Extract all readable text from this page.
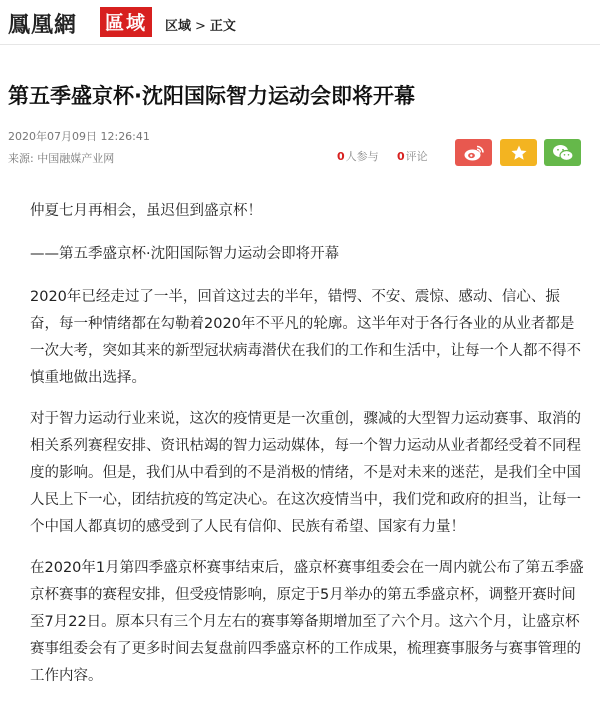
鳳凰網 區域	区域 > 正文
第五季盛京杯·沈阳国际智力运动会即将开幕
2020年07月09日 12:26:41
来源: 中国融媒产业网	0人参与 0评论

仲夏七月再相会，虽迟但到盛京杯！

——第五季盛京杯·沈阳国际智力运动会即将开幕

2020年已经走过了一半，回首这过去的半年，错愕、不安、震惊、感动、信心、振奋，每一种情绪都在勾勒着2020年不平凡的轮廓。这半年对于各行各业的从业者都是一次大考，突如其来的新型冠状病毒潜伏在我们的工作和生活中，让每一个人都不得不慎重地做出选择。

对于智力运动行业来说，这次的疫情更是一次重创，骤减的大型智力运动赛事、取消的相关系列赛程安排、资讯枯竭的智力运动媒体，每一个智力运动从业者都经受着不同程度的影响。但是，我们从中看到的不是消极的情绪，不是对未来的迷茫，是我们全中国人民上下一心，团结抗疫的笃定决心。在这次疫情当中，我们党和政府的担当，让每一个中国人都真切的感受到了人民有信仰、民族有希望、国家有力量！

在2020年1月第四季盛京杯赛事结束后，盛京杯赛事组委会在一周内就公布了第五季盛京杯赛事的赛程安排，但受疫情影响，原定于5月举办的第五季盛京杯，调整开赛时间至7月22日。原本只有三个月左右的赛事筹备期增加至了六个月。这六个月，让盛京杯赛事组委会有了更多时间去复盘前四季盛京杯的工作成果，梳理赛事服务与赛事管理的工作内容。
